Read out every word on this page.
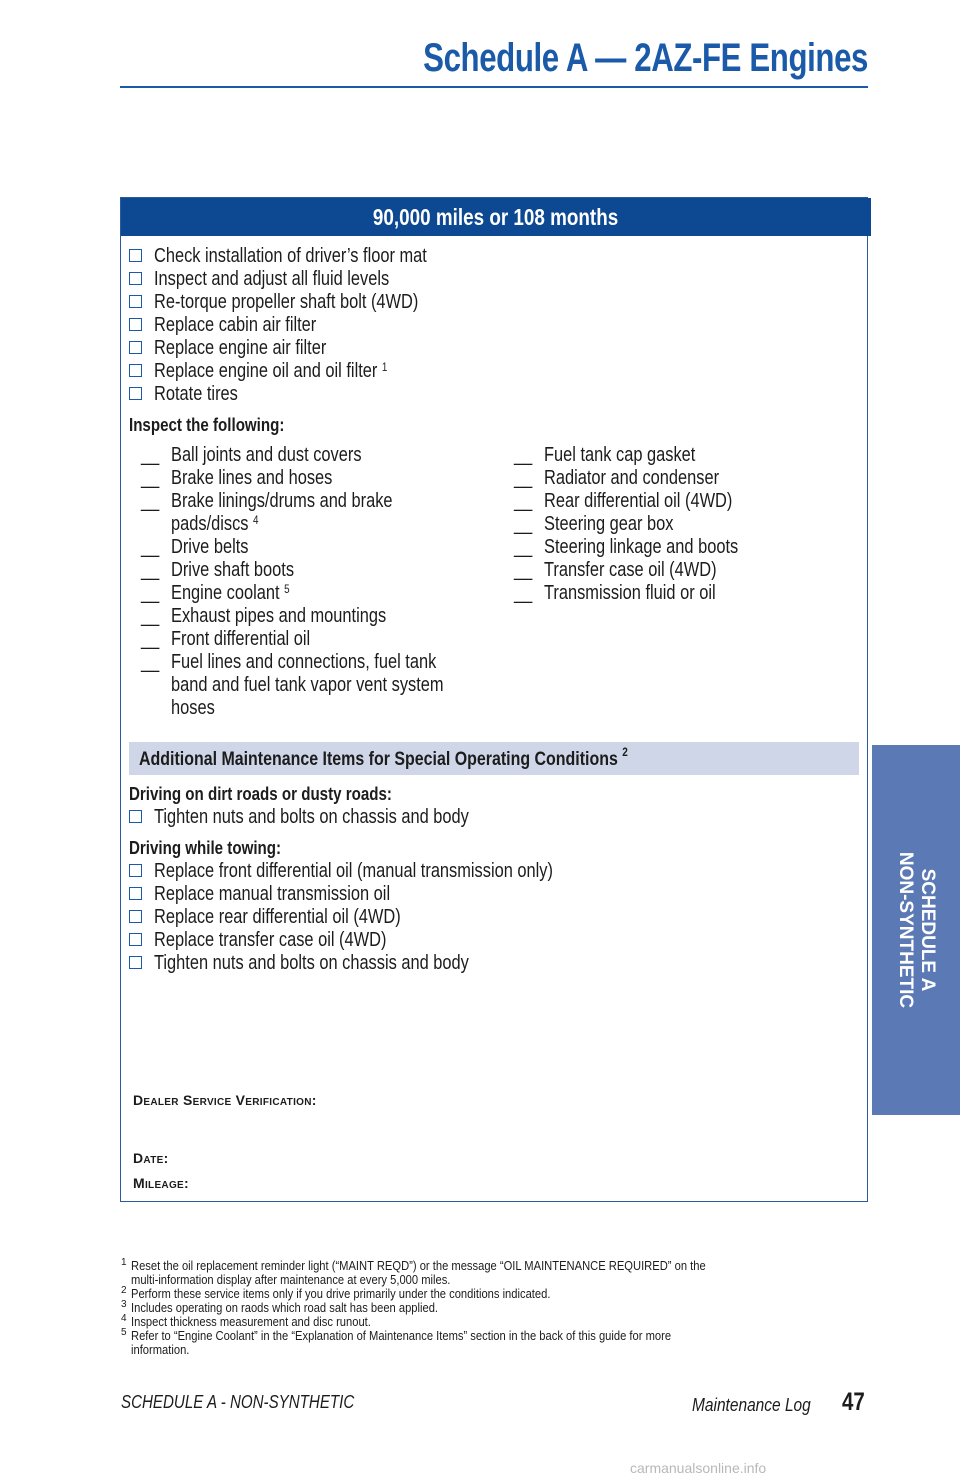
Schedule A — 2AZ-FE Engines
90,000 miles or 108 months
Check installation of driver’s floor mat
Inspect and adjust all fluid levels
Re-torque propeller shaft bolt (4WD)
Replace cabin air filter
Replace engine air filter
Replace engine oil and oil filter $^1$
Rotate tires
Inspect the following:
__ Ball joints and dust covers
__ Brake lines and hoses
__ Brake linings/drums and brake
pads/discs $^4$
__ Drive belts
__ Drive shaft boots
__ Engine coolant $^5$
__ Exhaust pipes and mountings
__ Front differential oil
__ Fuel lines and connections, fuel tank
band and fuel tank vapor vent system
hoses
__ Fuel tank cap gasket
__ Radiator and condenser
__ Rear differential oil (4WD)
__ Steering gear box
__ Steering linkage and boots
__ Transfer case oil (4WD)
__ Transmission fluid or oil
Additional Maintenance Items for Special Operating Conditions $^2$
Driving on dirt roads or dusty roads:
Tighten nuts and bolts on chassis and body
Driving while towing:
Replace front differential oil (manual transmission only)
Replace manual transmission oil
Replace rear differential oil (4WD)
Replace transfer case oil (4WD)
Tighten nuts and bolts on chassis and body
Dealer Service Verification:
Date:
Mileage:
SCHEDULE A
NON-SYNTHETIC
1 Reset the oil replacement reminder light (“MAINT REQD”) or the message “OIL MAINTENANCE REQUIRED” on the
multi-information display after maintenance at every 5,000 miles.
2 Perform these service items only if you drive primarily under the conditions indicated.
3 Includes operating on raods which road salt has been applied.
4 Inspect thickness measurement and disc runout.
5 Refer to “Engine Coolant” in the “Explanation of Maintenance Items” section in the back of this guide for more
information.
SCHEDULE A - NON-SYNTHETIC	Maintenance Log 47
carmanualsonline.info
